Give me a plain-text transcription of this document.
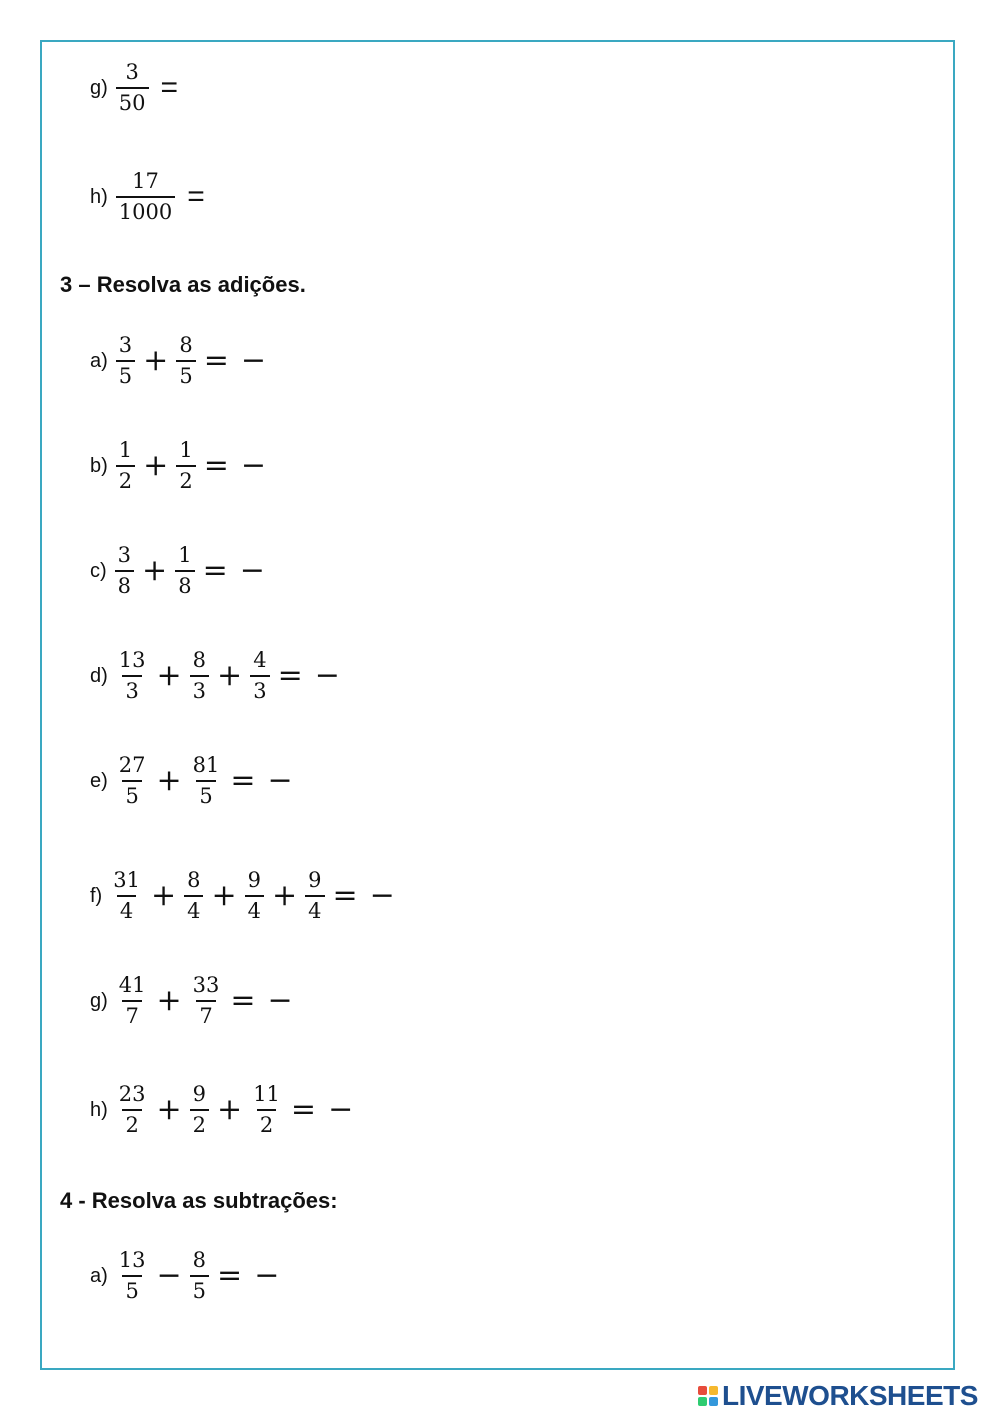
$g) \frac{3}{50}$ =
$h) \frac{17}{1000}$ =
3 – Resolva as adições.
$a) \frac{3}{5} + \frac{8}{5}$ = −
$b) \frac{1}{2} + \frac{1}{2}$ = −
$c) \frac{3}{8} + \frac{1}{8}$ = −
$d) \frac{13}{3} + \frac{8}{3} + \frac{4}{3}$ = −
$e) \frac{27}{5} + \frac{81}{5}$ = −
$f) \frac{31}{4} + \frac{8}{4} + \frac{9}{4} + \frac{9}{4}$ = −
$g) \frac{41}{7} + \frac{33}{7}$ = −
$h) \frac{23}{2} + \frac{9}{2} + \frac{11}{2}$ = −
4 - Resolva as subtrações:
$a) \frac{13}{5} - \frac{8}{5}$ = −
LIVEWORKSHEETS
